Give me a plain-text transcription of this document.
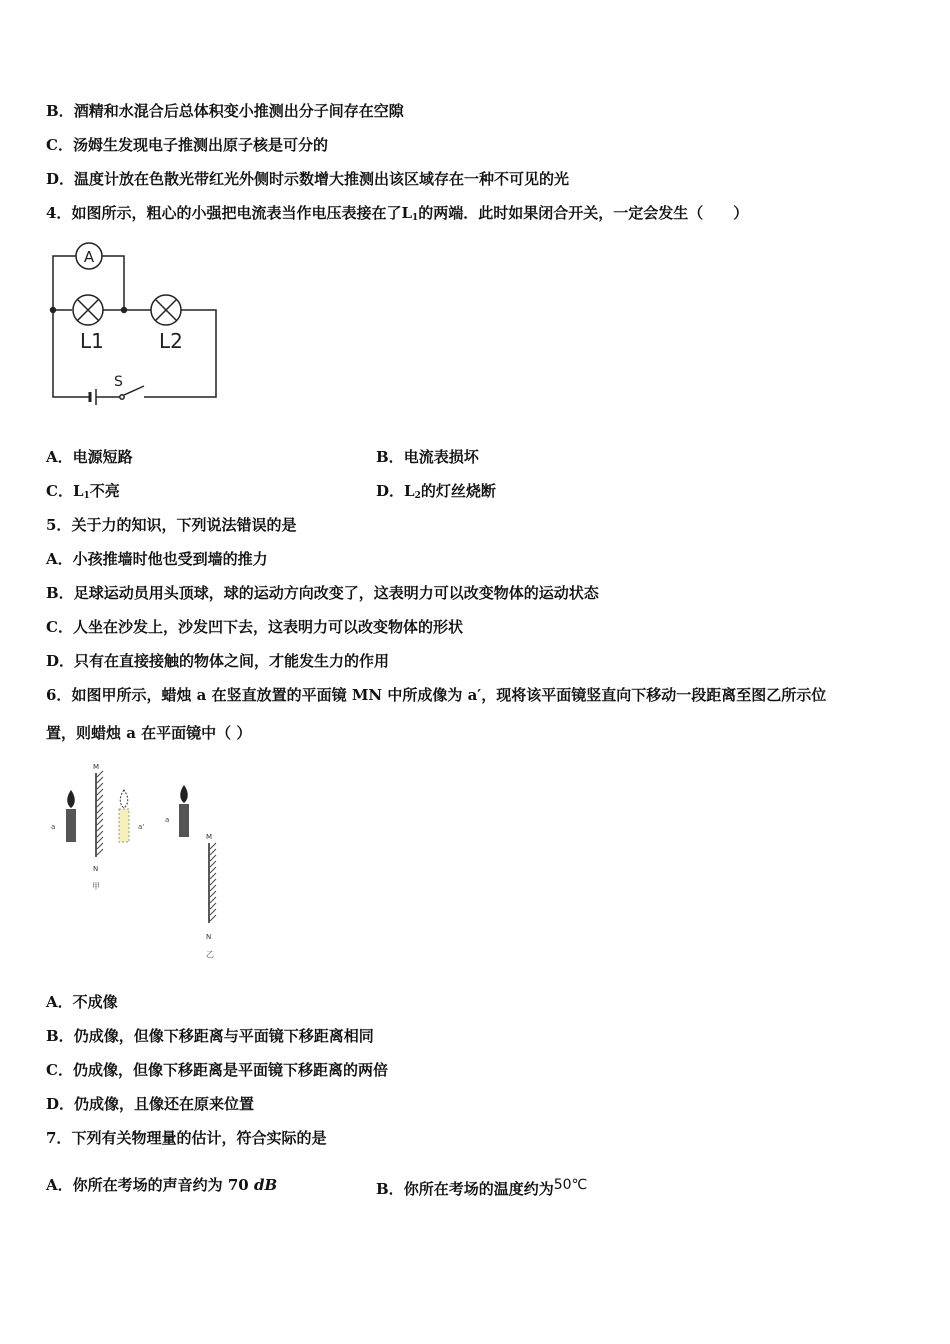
B．酒精和水混合后总体积变小推测出分子间存在空隙
C．汤姆生发现电子推测出原子核是可分的
D．温度计放在色散光带红光外侧时示数增大推测出该区域存在一种不可见的光
4．如图所示，粗心的小强把电流表当作电压表接在了$L_1$的两端．此时如果闭合开关，一定会发生（　　）
A
L1	L2
S
A．电源短路	B．电流表损坏
C．$L_1$不亮	D．$L_2$的灯丝烧断
5．关于力的知识，下列说法错误的是
A．小孩推墙时他也受到墙的推力
B．足球运动员用头顶球，球的运动方向改变了，这表明力可以改变物体的运动状态
C．人坐在沙发上，沙发凹下去，这表明力可以改变物体的形状
D．只有在直接接触的物体之间，才能发生力的作用
6．如图甲所示，蜡烛 a 在竖直放置的平面镜 MN 中所成像为 a′，现将该平面镜竖直向下移动一段距离至图乙所示位
置，则蜡烛 a 在平面镜中（ ）
a
M
N
甲
a'
a
M
N
乙
A．不成像
B．仍成像，但像下移距离与平面镜下移距离相同
C．仍成像，但像下移距离是平面镜下移距离的两倍
D．仍成像，且像还在原来位置
7．下列有关物理量的估计，符合实际的是
A．你所在考场的声音约为 70 dB	B．你所在考场的温度约为50℃
